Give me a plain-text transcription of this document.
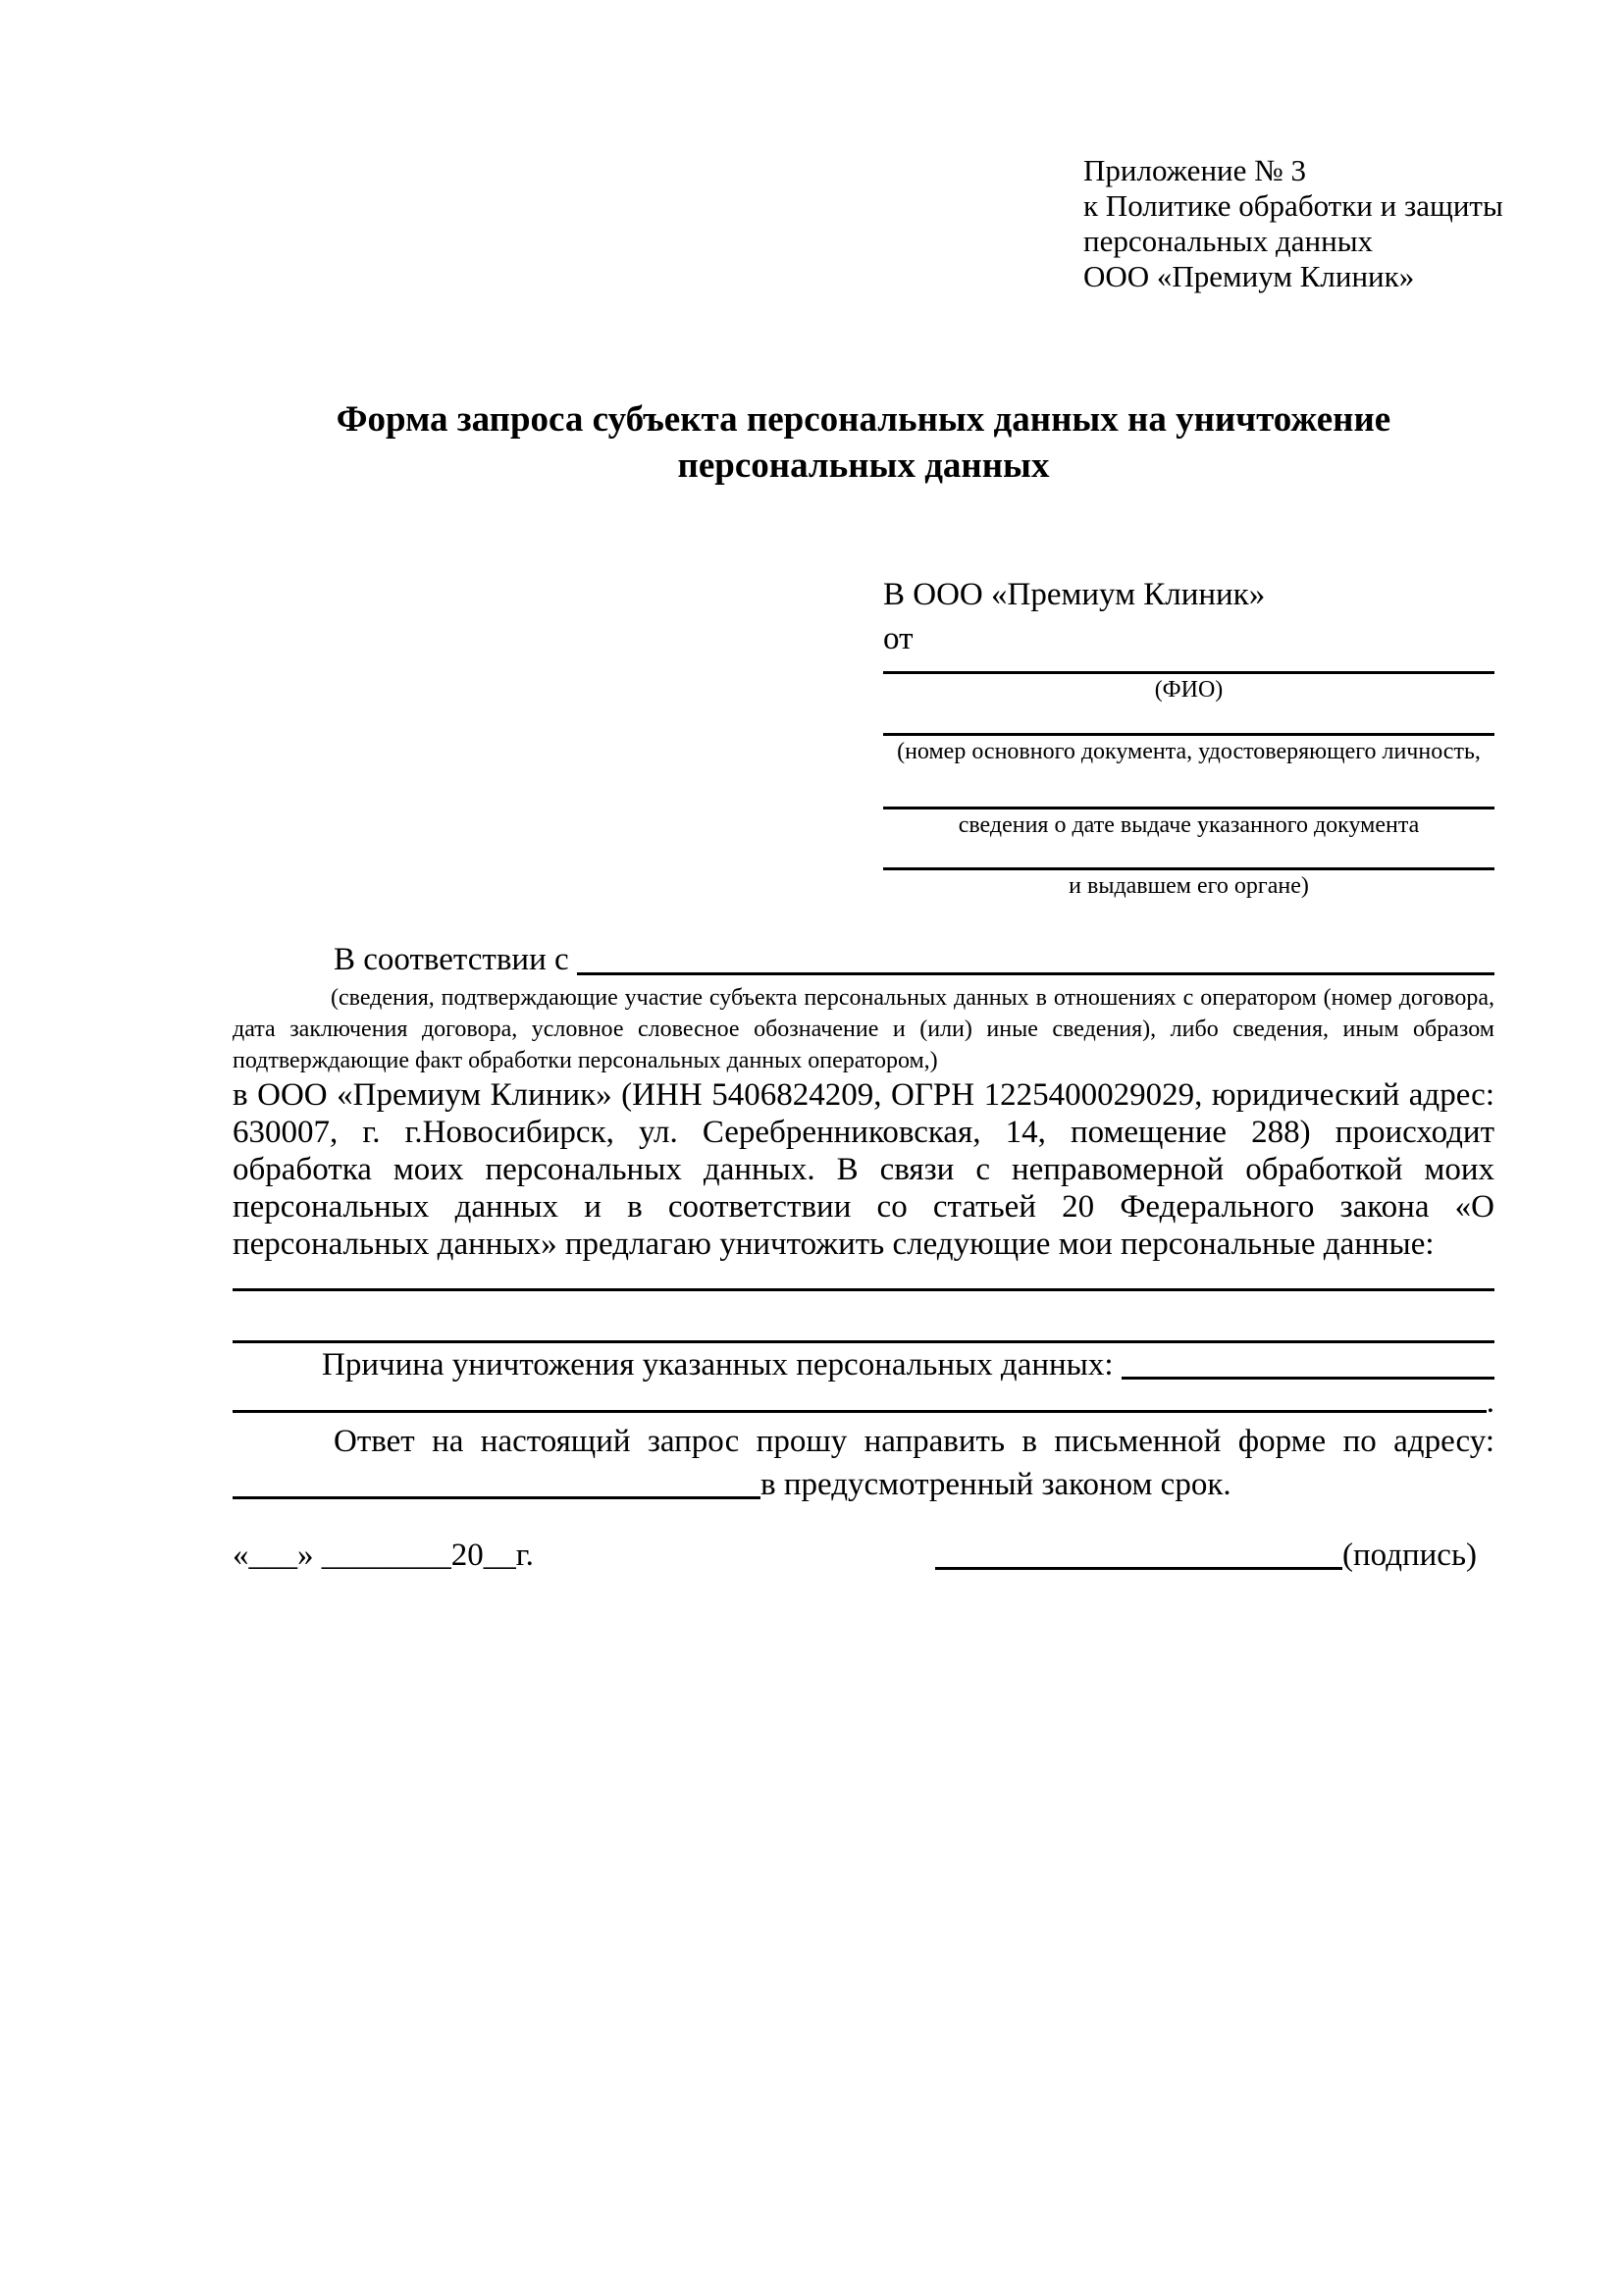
Приложение № 3
к Политике обработки и защиты
персональных данных
ООО «Премиум Клиник»
Форма запроса субъекта персональных данных на уничтожение персональных данных
В ООО «Премиум Клиник»
от
(ФИО)
(номер основного документа, удостоверяющего личность,
сведения о дате выдаче указанного документа
и выдавшем его органе)
В соответствии с

(сведения, подтверждающие участие субъекта персональных данных в отношениях с оператором (номер договора, дата заключения договора, условное словесное обозначение и (или) иные сведения), либо сведения, иным образом подтверждающие факт обработки персональных данных оператором,)

в ООО «Премиум Клиник» (ИНН 5406824209, ОГРН 1225400029029, юридический адрес: 630007, г. г.Новосибирск, ул. Серебренниковская, 14, помещение 288) происходит обработка моих персональных данных. В связи с неправомерной обработкой моих персональных данных и в соответствии со статьей 20 Федерального закона «О персональных данных» предлагаю уничтожить следующие мои персональные данные:

Причина уничтожения указанных персональных данных:
.

Ответ на настоящий запрос прошу направить в письменной форме по адресу:

в предусмотренный законом срок.
«___» ________20__г.	(подпись)
